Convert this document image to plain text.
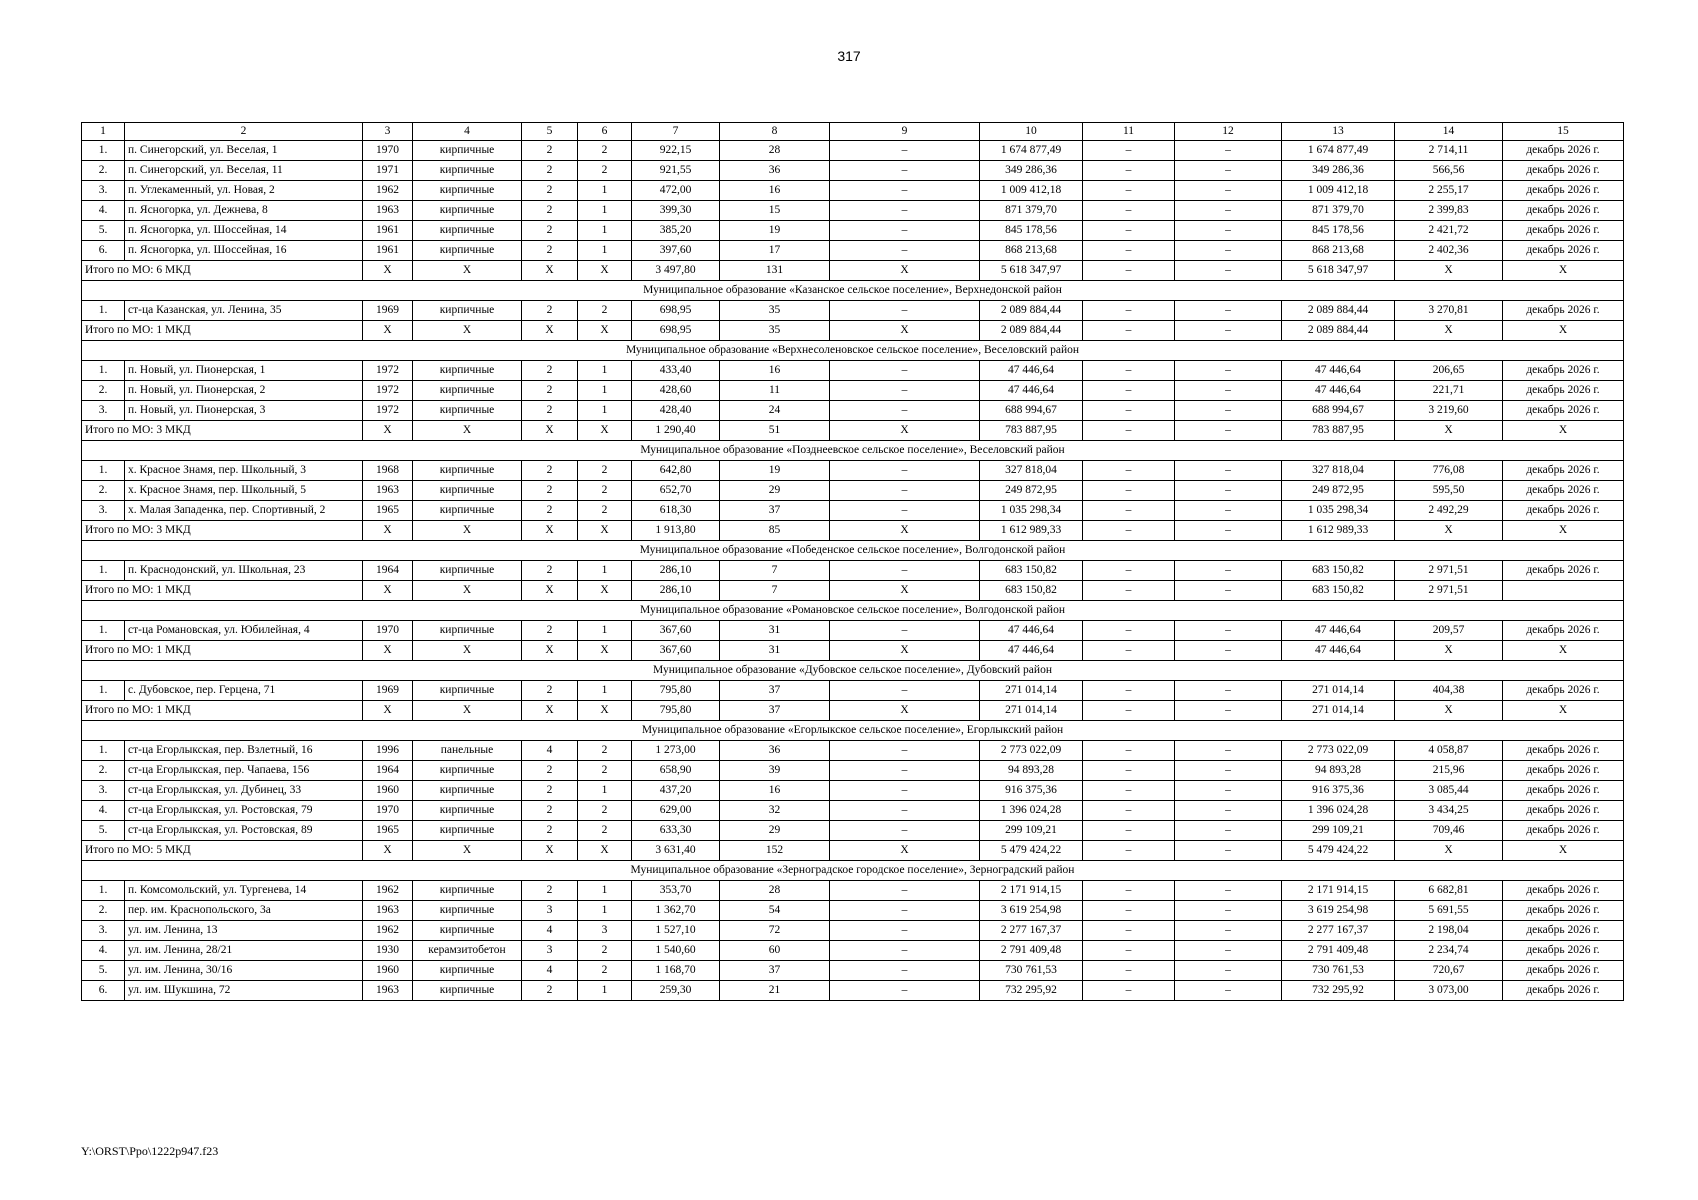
317
1	2	3	4	5	6	7	8	9	10	11	12	13	14	15
1.	п. Синегорский, ул. Веселая, 1	1970	кирпичные	2	2	922,15	28	–	1 674 877,49	–	–	1 674 877,49	2 714,11	декабрь 2026 г.
2.	п. Синегорский, ул. Веселая, 11	1971	кирпичные	2	2	921,55	36	–	349 286,36	–	–	349 286,36	566,56	декабрь 2026 г.
3.	п. Углекаменный, ул. Новая, 2	1962	кирпичные	2	1	472,00	16	–	1 009 412,18	–	–	1 009 412,18	2 255,17	декабрь 2026 г.
4.	п. Ясногорка, ул. Дежнева, 8	1963	кирпичные	2	1	399,30	15	–	871 379,70	–	–	871 379,70	2 399,83	декабрь 2026 г.
5.	п. Ясногорка, ул. Шоссейная, 14	1961	кирпичные	2	1	385,20	19	–	845 178,56	–	–	845 178,56	2 421,72	декабрь 2026 г.
6.	п. Ясногорка, ул. Шоссейная, 16	1961	кирпичные	2	1	397,60	17	–	868 213,68	–	–	868 213,68	2 402,36	декабрь 2026 г.
Итого по МО: 6 МКД		Х	Х	Х	Х	3 497,80	131	Х	5 618 347,97	–	–	5 618 347,97	Х	Х
Муниципальное образование «Казанское сельское поселение», Верхнедонской район														
1.	ст-ца Казанская, ул. Ленина, 35	1969	кирпичные	2	2	698,95	35	–	2 089 884,44	–	–	2 089 884,44	3 270,81	декабрь 2026 г.
Итого по МО: 1 МКД		Х	Х	Х	Х	698,95	35	Х	2 089 884,44	–	–	2 089 884,44	Х	Х
Муниципальное образование «Верхнесоленовское сельское поселение», Веселовский район														
1.	п. Новый, ул. Пионерская, 1	1972	кирпичные	2	1	433,40	16	–	47 446,64	–	–	47 446,64	206,65	декабрь 2026 г.
2.	п. Новый, ул. Пионерская, 2	1972	кирпичные	2	1	428,60	11	–	47 446,64	–	–	47 446,64	221,71	декабрь 2026 г.
3.	п. Новый, ул. Пионерская, 3	1972	кирпичные	2	1	428,40	24	–	688 994,67	–	–	688 994,67	3 219,60	декабрь 2026 г.
Итого по МО: 3 МКД		Х	Х	Х	Х	1 290,40	51	Х	783 887,95	–	–	783 887,95	Х	Х
Муниципальное образование «Позднеевское сельское поселение», Веселовский район														
1.	х. Красное Знамя, пер. Школьный, 3	1968	кирпичные	2	2	642,80	19	–	327 818,04	–	–	327 818,04	776,08	декабрь 2026 г.
2.	х. Красное Знамя, пер. Школьный, 5	1963	кирпичные	2	2	652,70	29	–	249 872,95	–	–	249 872,95	595,50	декабрь 2026 г.
3.	х. Малая Западенка, пер. Спортивный, 2	1965	кирпичные	2	2	618,30	37	–	1 035 298,34	–	–	1 035 298,34	2 492,29	декабрь 2026 г.
Итого по МО: 3 МКД		Х	Х	Х	Х	1 913,80	85	Х	1 612 989,33	–	–	1 612 989,33	Х	Х
Муниципальное образование «Победенское сельское поселение», Волгодонской район														
1.	п. Краснодонский, ул. Школьная, 23	1964	кирпичные	2	1	286,10	7	–	683 150,82	–	–	683 150,82	2 971,51	декабрь 2026 г.
Итого по МО: 1 МКД		Х	Х	Х	Х	286,10	7	Х	683 150,82	–	–	683 150,82	2 971,51	
Муниципальное образование «Романовское сельское поселение», Волгодонской район														
1.	ст-ца Романовская, ул. Юбилейная, 4	1970	кирпичные	2	1	367,60	31	–	47 446,64	–	–	47 446,64	209,57	декабрь 2026 г.
Итого по МО: 1 МКД		Х	Х	Х	Х	367,60	31	Х	47 446,64	–	–	47 446,64	Х	Х
Муниципальное образование «Дубовское сельское поселение», Дубовский район														
1.	с. Дубовское, пер. Герцена, 71	1969	кирпичные	2	1	795,80	37	–	271 014,14	–	–	271 014,14	404,38	декабрь 2026 г.
Итого по МО: 1 МКД		Х	Х	Х	Х	795,80	37	Х	271 014,14	–	–	271 014,14	Х	Х
Муниципальное образование «Егорлыкское сельское поселение», Егорлыкский район														
1.	ст-ца Егорлыкская, пер. Взлетный, 16	1996	панельные	4	2	1 273,00	36	–	2 773 022,09	–	–	2 773 022,09	4 058,87	декабрь 2026 г.
2.	ст-ца Егорлыкская, пер. Чапаева, 156	1964	кирпичные	2	2	658,90	39	–	94 893,28	–	–	94 893,28	215,96	декабрь 2026 г.
3.	ст-ца Егорлыкская, ул. Дубинец, 33	1960	кирпичные	2	1	437,20	16	–	916 375,36	–	–	916 375,36	3 085,44	декабрь 2026 г.
4.	ст-ца Егорлыкская, ул. Ростовская, 79	1970	кирпичные	2	2	629,00	32	–	1 396 024,28	–	–	1 396 024,28	3 434,25	декабрь 2026 г.
5.	ст-ца Егорлыкская, ул. Ростовская, 89	1965	кирпичные	2	2	633,30	29	–	299 109,21	–	–	299 109,21	709,46	декабрь 2026 г.
Итого по МО: 5 МКД		Х	Х	Х	Х	3 631,40	152	Х	5 479 424,22	–	–	5 479 424,22	Х	Х
Муниципальное образование «Зерноградское городское поселение», Зерноградский район														
1.	п. Комсомольский, ул. Тургенева, 14	1962	кирпичные	2	1	353,70	28	–	2 171 914,15	–	–	2 171 914,15	6 682,81	декабрь 2026 г.
2.	пер. им. Краснопольского, 3а	1963	кирпичные	3	1	1 362,70	54	–	3 619 254,98	–	–	3 619 254,98	5 691,55	декабрь 2026 г.
3.	ул. им. Ленина, 13	1962	кирпичные	4	3	1 527,10	72	–	2 277 167,37	–	–	2 277 167,37	2 198,04	декабрь 2026 г.
4.	ул. им. Ленина, 28/21	1930	керамзитобетон	3	2	1 540,60	60	–	2 791 409,48	–	–	2 791 409,48	2 234,74	декабрь 2026 г.
5.	ул. им. Ленина, 30/16	1960	кирпичные	4	2	1 168,70	37	–	730 761,53	–	–	730 761,53	720,67	декабрь 2026 г.
6.	ул. им. Шукшина, 72	1963	кирпичные	2	1	259,30	21	–	732 295,92	–	–	732 295,92	3 073,00	декабрь 2026 г.
Y:\ORST\Ppo\1222p947.f23
